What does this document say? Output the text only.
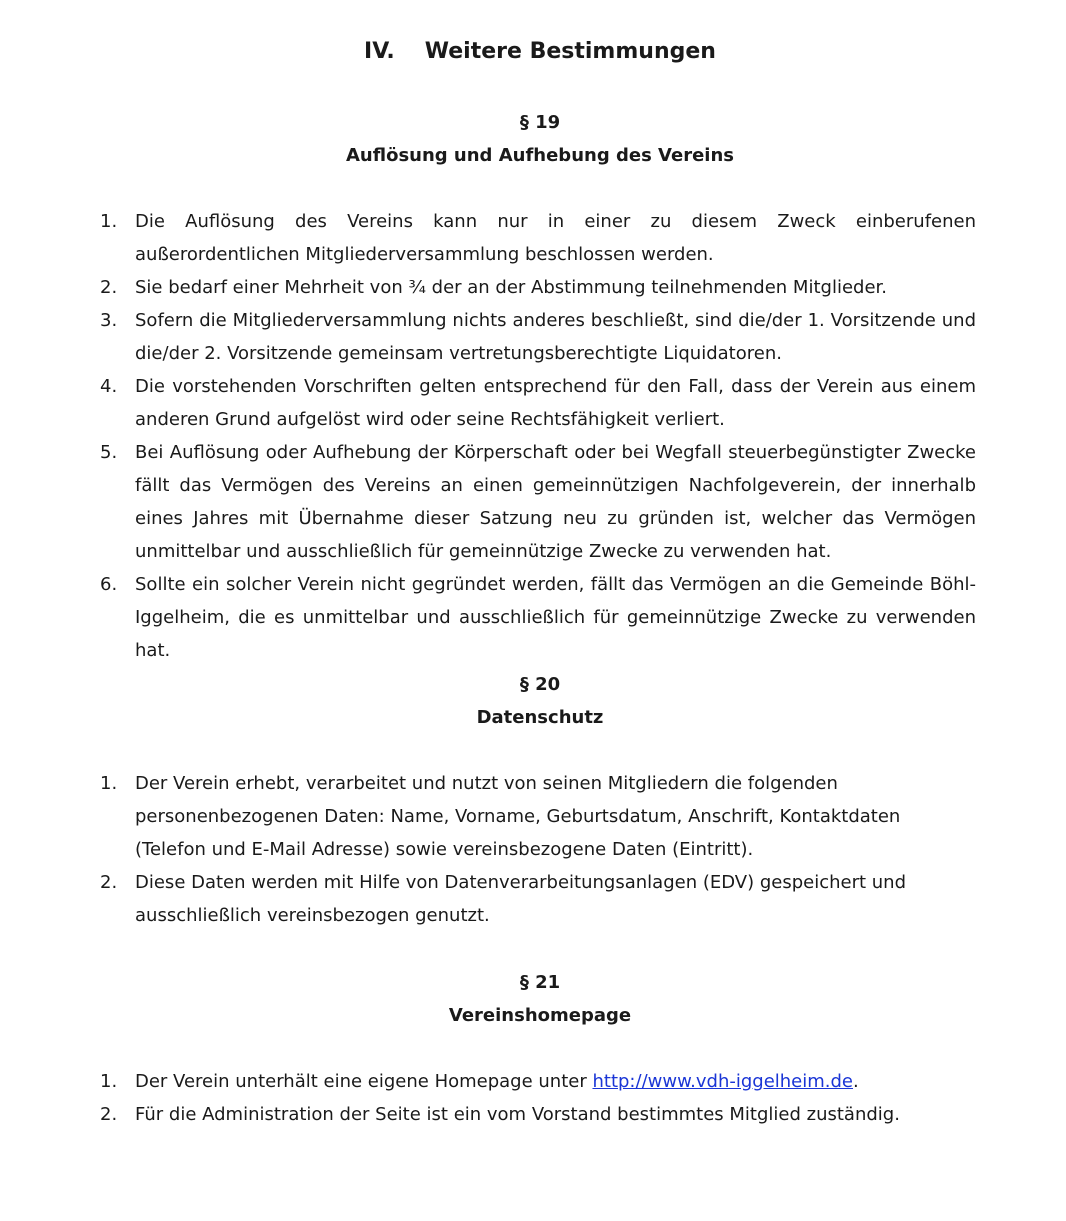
IV. Weitere Bestimmungen
§ 19
Auflösung und Aufhebung des Vereins
1. Die Auflösung des Vereins kann nur in einer zu diesem Zweck einberufenen außerordentlichen Mitgliederversammlung beschlossen werden.
2. Sie bedarf einer Mehrheit von ¾ der an der Abstimmung teilnehmenden Mitglieder.
3. Sofern die Mitgliederversammlung nichts anderes beschließt, sind die/der 1. Vorsitzende und die/der 2. Vorsitzende gemeinsam vertretungsberechtigte Liquidatoren.
4. Die vorstehenden Vorschriften gelten entsprechend für den Fall, dass der Verein aus einem anderen Grund aufgelöst wird oder seine Rechtsfähigkeit verliert.
5. Bei Auflösung oder Aufhebung der Körperschaft oder bei Wegfall steuerbegünstigter Zwecke fällt das Vermögen des Vereins an einen gemeinnützigen Nachfolgeverein, der innerhalb eines Jahres mit Übernahme dieser Satzung neu zu gründen ist, welcher das Vermögen unmittelbar und ausschließlich für gemeinnützige Zwecke zu verwenden hat.
6. Sollte ein solcher Verein nicht gegründet werden, fällt das Vermögen an die Gemeinde Böhl-Iggelheim, die es unmittelbar und ausschließlich für gemeinnützige Zwecke zu verwenden hat.
§ 20
Datenschutz
1. Der Verein erhebt, verarbeitet und nutzt von seinen Mitgliedern die folgenden
personenbezogenen Daten: Name, Vorname, Geburtsdatum, Anschrift, Kontaktdaten
(Telefon und E-Mail Adresse) sowie vereinsbezogene Daten (Eintritt).
2. Diese Daten werden mit Hilfe von Datenverarbeitungsanlagen (EDV) gespeichert und
ausschließlich vereinsbezogen genutzt.
§ 21
Vereinshomepage
1. Der Verein unterhält eine eigene Homepage unter http://www.vdh-iggelheim.de.
2. Für die Administration der Seite ist ein vom Vorstand bestimmtes Mitglied zuständig.
